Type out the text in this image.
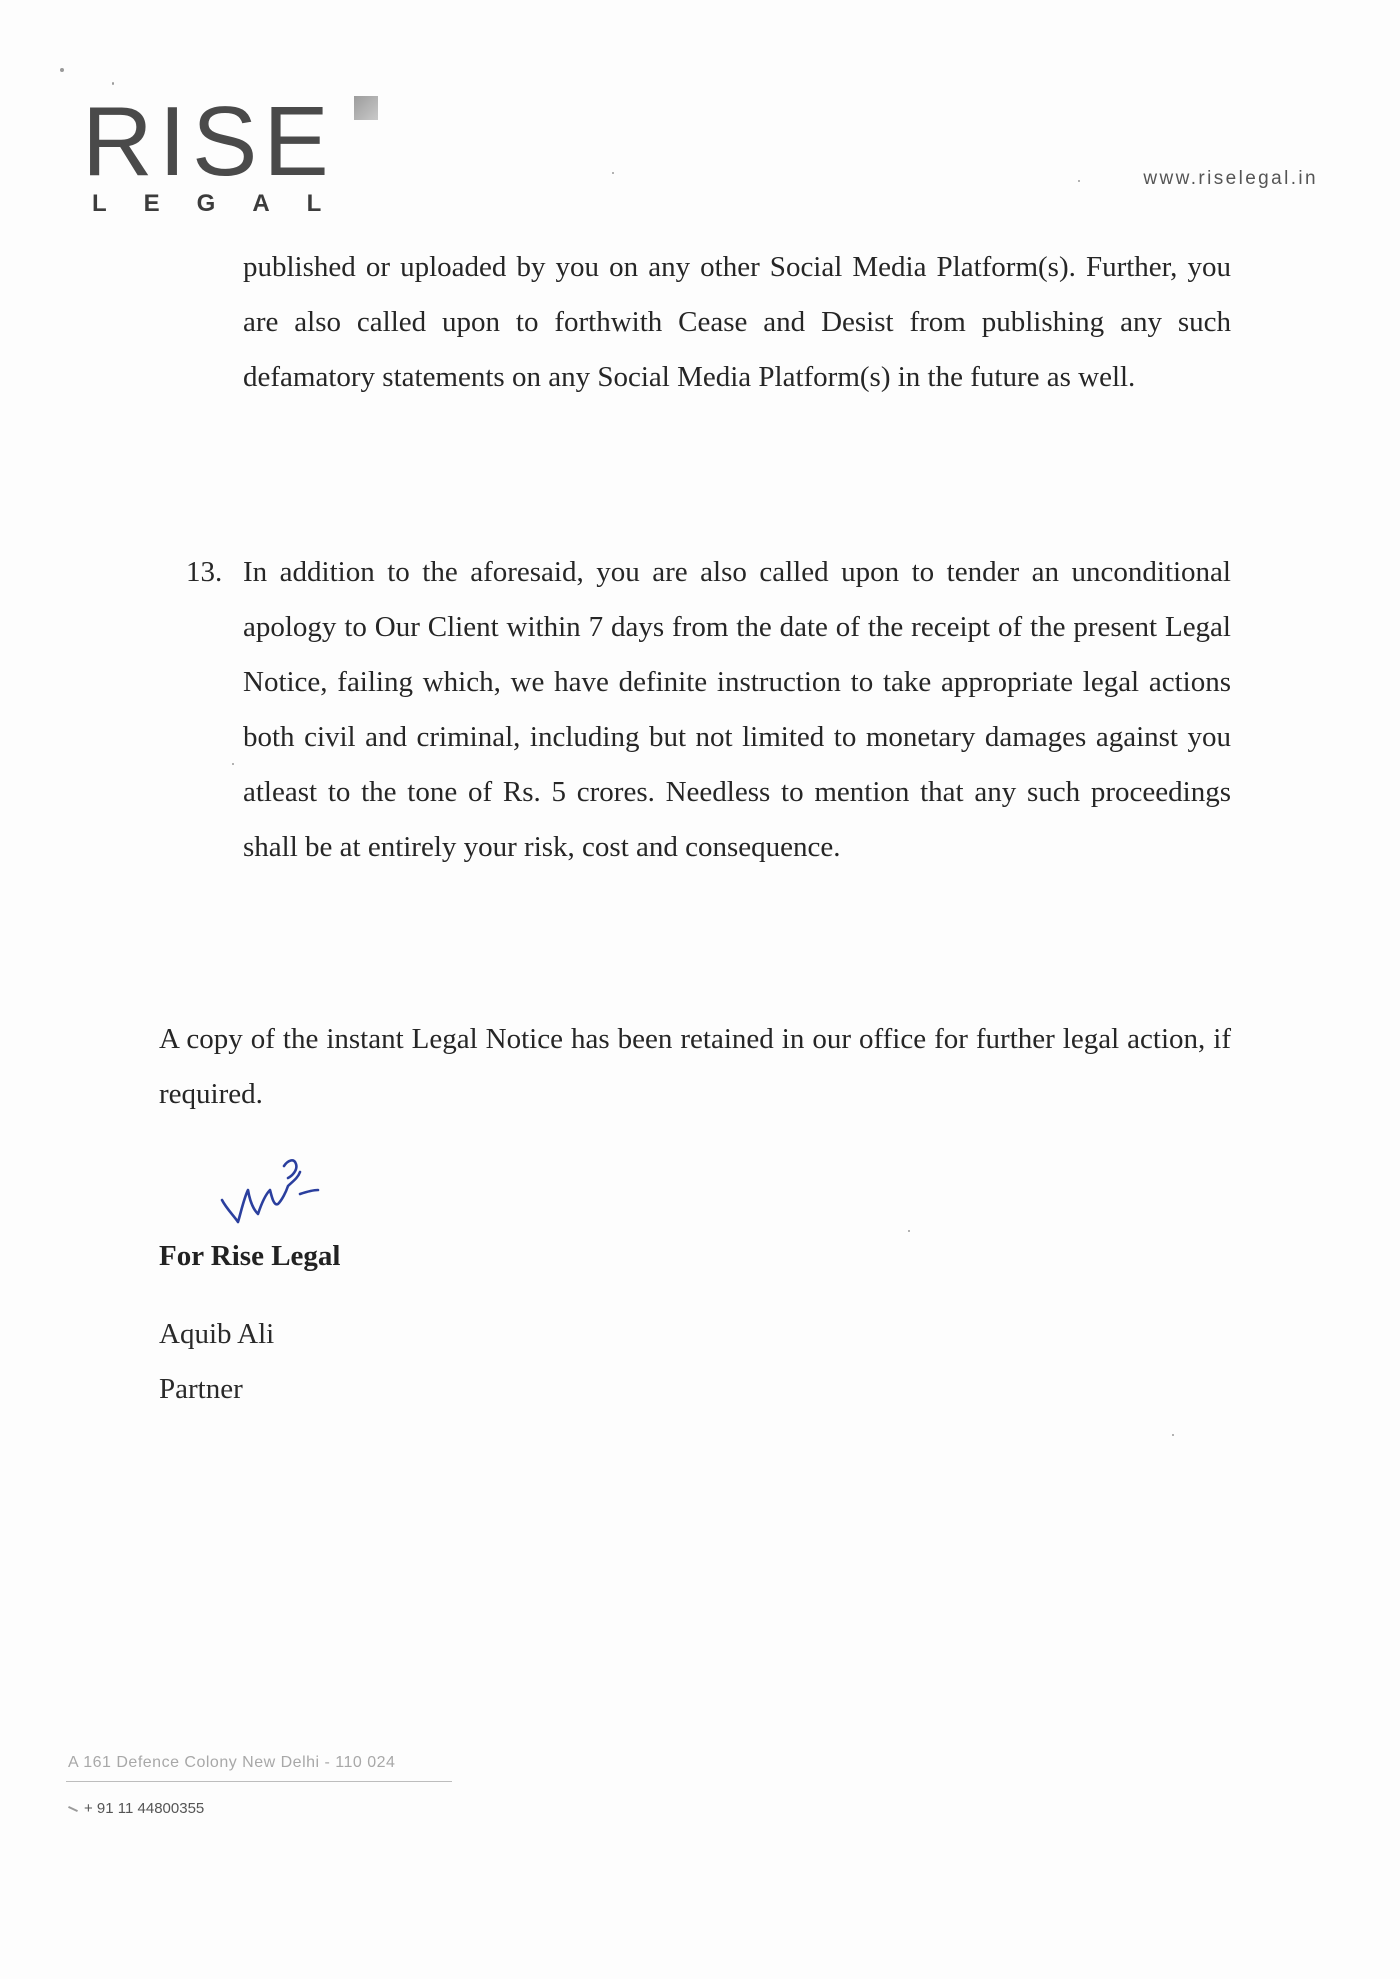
RISE
LEGAL
www.riselegal.in

published or uploaded by you on any other Social Media Platform(s). Further, you are also called upon to forthwith Cease and Desist from publishing any such defamatory statements on any Social Media Platform(s) in the future as well.

13. In addition to the aforesaid, you are also called upon to tender an unconditional apology to Our Client within 7 days from the date of the receipt of the present Legal Notice, failing which, we have definite instruction to take appropriate legal actions both civil and criminal, including but not limited to monetary damages against you atleast to the tone of Rs. 5 crores. Needless to mention that any such proceedings shall be at entirely your risk, cost and consequence.

A copy of the instant Legal Notice has been retained in our office for further legal action, if required.

For Rise Legal
Aquib Ali
Partner
A 161 Defence Colony New Delhi - 110 024
+ 91 11 44800355
